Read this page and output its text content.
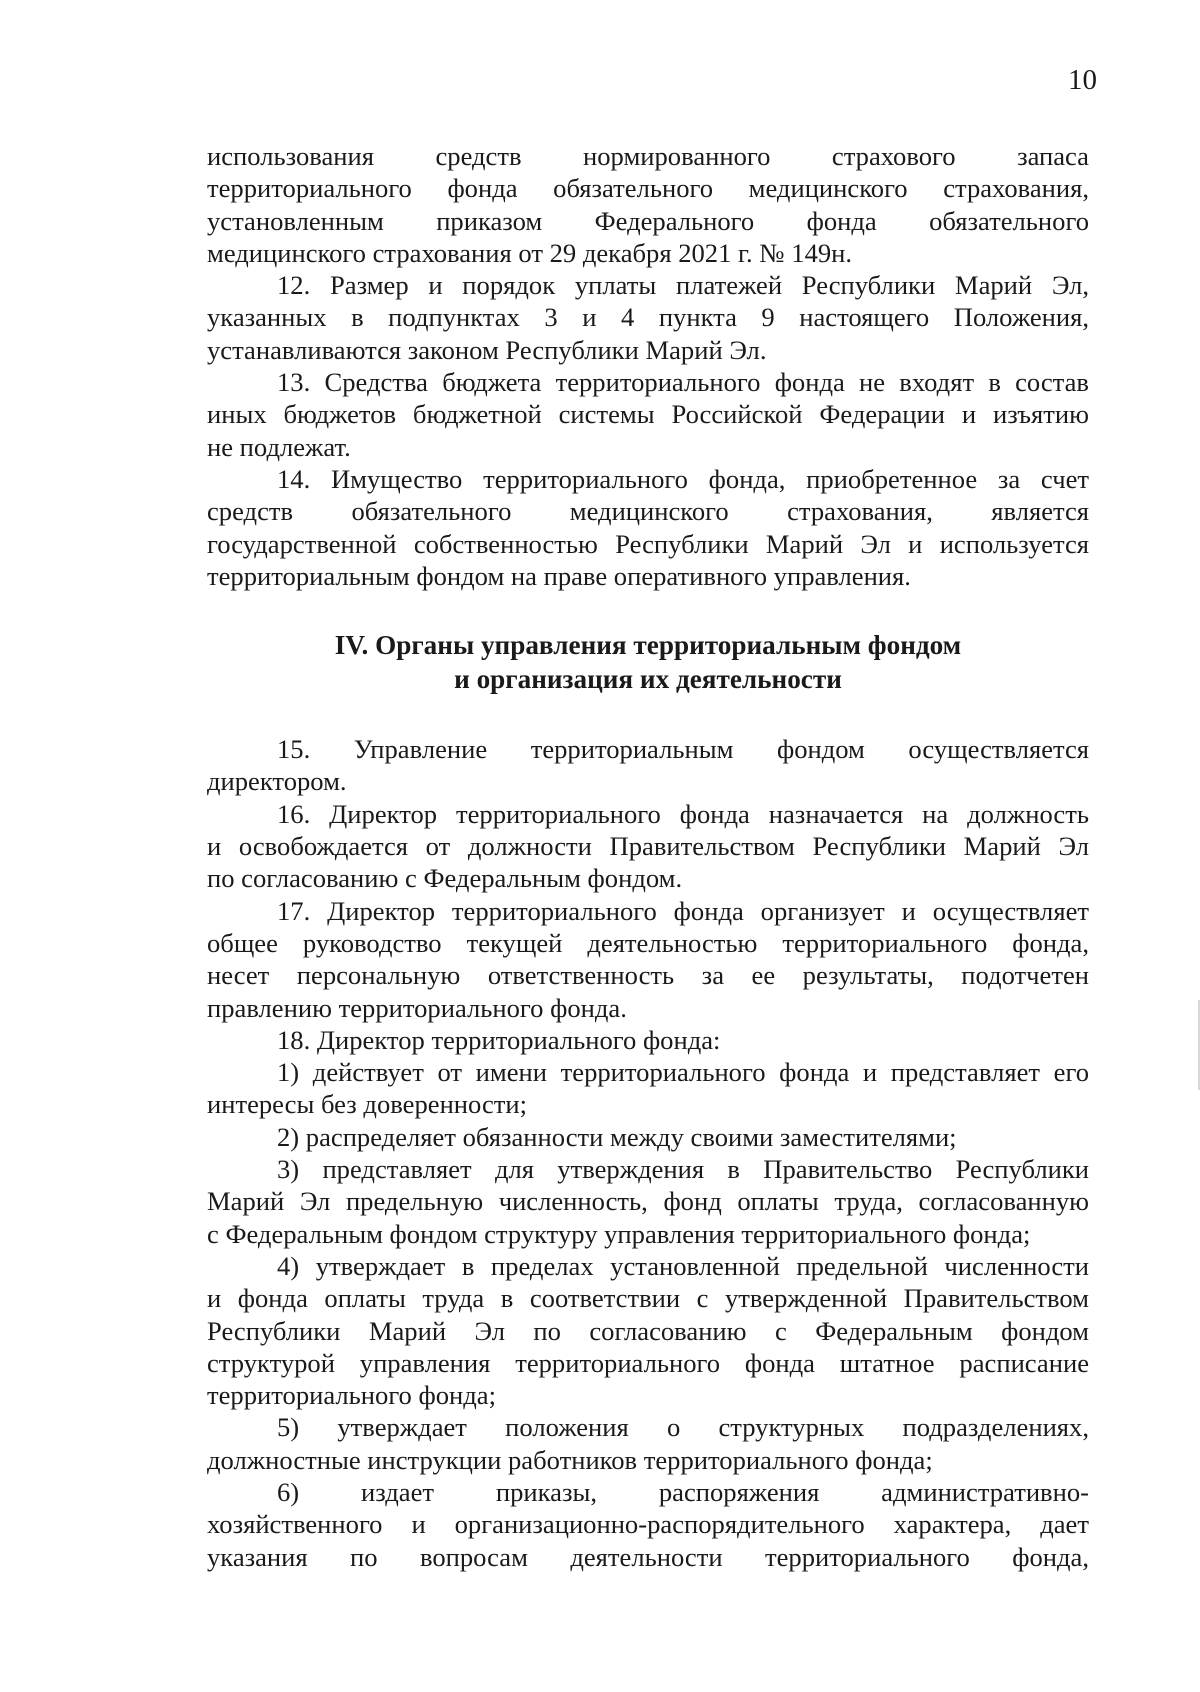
10

использования средств нормированного страхового запаса
территориального фонда обязательного медицинского страхования,
установленным приказом Федерального фонда обязательного
медицинского страхования от 29 декабря 2021 г. № 149н.

12. Размер и порядок уплаты платежей Республики Марий Эл,
указанных в подпунктах 3 и 4 пункта 9 настоящего Положения,
устанавливаются законом Республики Марий Эл.

13. Средства бюджета территориального фонда не входят в состав
иных бюджетов бюджетной системы Российской Федерации и изъятию
не подлежат.

14. Имущество территориального фонда, приобретенное за счет
средств обязательного медицинского страхования, является
государственной собственностью Республики Марий Эл и используется
территориальным фондом на праве оперативного управления.

IV. Органы управления территориальным фондом
и организация их деятельности

15. Управление территориальным фондом осуществляется
директором.

16. Директор территориального фонда назначается на должность
и освобождается от должности Правительством Республики Марий Эл
по согласованию с Федеральным фондом.

17. Директор территориального фонда организует и осуществляет
общее руководство текущей деятельностью территориального фонда,
несет персональную ответственность за ее результаты, подотчетен
правлению территориального фонда.

18. Директор территориального фонда:

1) действует от имени территориального фонда и представляет его
интересы без доверенности;

2) распределяет обязанности между своими заместителями;

3) представляет для утверждения в Правительство Республики
Марий Эл предельную численность, фонд оплаты труда, согласованную
с Федеральным фондом структуру управления территориального фонда;

4) утверждает в пределах установленной предельной численности
и фонда оплаты труда в соответствии с утвержденной Правительством
Республики Марий Эл по согласованию с Федеральным фондом
структурой управления территориального фонда штатное расписание
территориального фонда;

5) утверждает положения о структурных подразделениях,
должностные инструкции работников территориального фонда;

6) издает приказы, распоряжения административно-
хозяйственного и организационно-распорядительного характера, дает
указания по вопросам деятельности территориального фонда,
